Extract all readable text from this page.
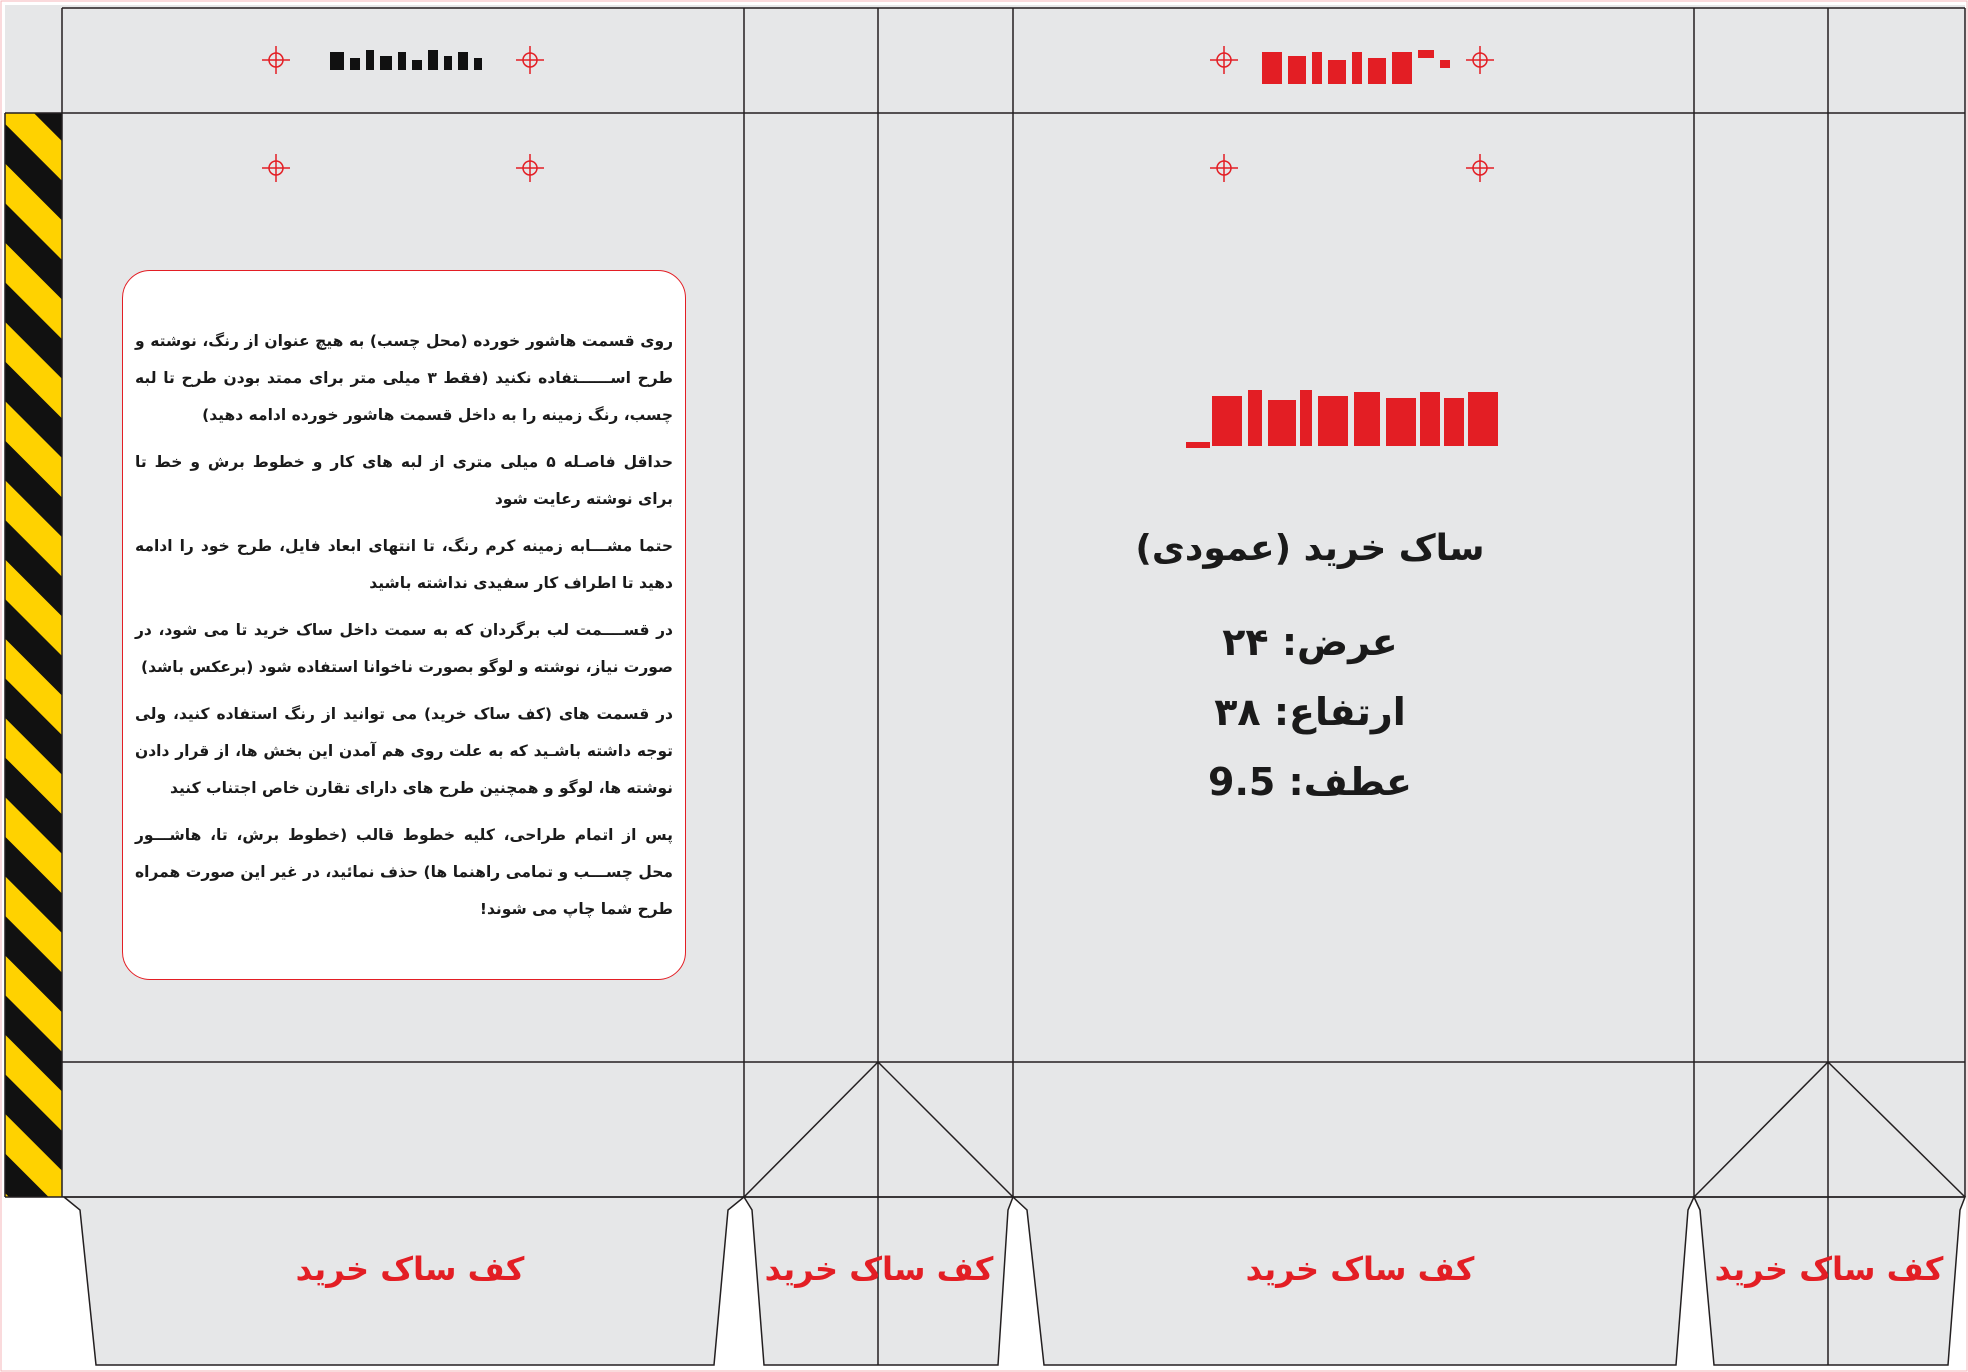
روی قسمت هاشور خورده (محل چسب) به هیچ عنوان از رنگ، نوشته و طرح اســــــتفاده نکنید (فقط ۳ میلی متر برای ممتد بودن طرح تا لبه چسب، رنگ زمینه را به داخل قسمت هاشور خورده ادامه دهید)

حداقل فاصـله ۵ میلی متری از لبه های کار و خطوط برش و خط تا برای نوشته رعایت شود

حتما مشـــابه زمینه کرم رنگ، تا انتهای ابعاد فایل، طرح خود را ادامه دهید تا اطراف کار سفیدی نداشته باشید

در قســــمت لب برگردان که به سمت داخل ساک خرید تا می شود، در صورت نیاز، نوشته و لوگو بصورت ناخوانا استفاده شود (برعکس باشد)

در قسمت های (کف ساک خرید) می توانید از رنگ استفاده کنید، ولی توجه داشته باشـید که به علت روی هم آمدن این بخش ها، از قرار دادن نوشته ها، لوگو و همچنین طرح های دارای تقارن خاص اجتناب کنید

پس از اتمام طراحی، کلیه خطوط قالب (خطوط برش، تا، هاشـــور محل چســـب و تمامی راهنما ها) حذف نمائید، در غیر این صورت همراه طرح شما چاپ می شوند!

ساک خرید (عمودی)
عرض: ۲۴
ارتفاع: ۳۸
عطف: 9.5
کف ساک خرید	کف ساک خرید	کف ساک خرید	کف ساک خرید
